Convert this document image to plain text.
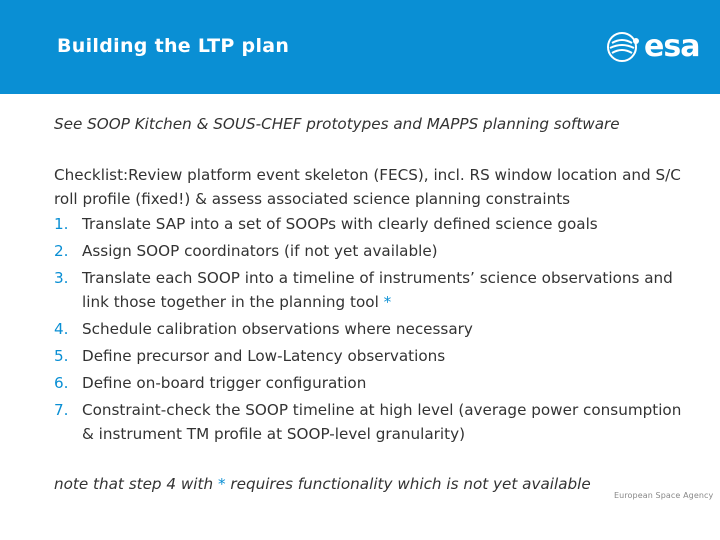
Building the LTP plan	esa

See SOOP Kitchen & SOUS-CHEF prototypes and MAPPS planning software

Checklist:Review platform event skeleton (FECS), incl. RS window location and S/C roll profile (fixed!) & assess associated science planning constraints

1. Translate SAP into a set of SOOPs with clearly defined science goals
2. Assign SOOP coordinators (if not yet available)
3. Translate each SOOP into a timeline of instruments’ science observations and link those together in the planning tool *
4. Schedule calibration observations where necessary
5. Define precursor and Low-Latency observations
6. Define on-board trigger configuration
7. Constraint-check the SOOP timeline at high level (average power consumption & instrument TM profile at SOOP-level granularity)

note that step 4 with * requires functionality which is not yet available

European Space Agency
